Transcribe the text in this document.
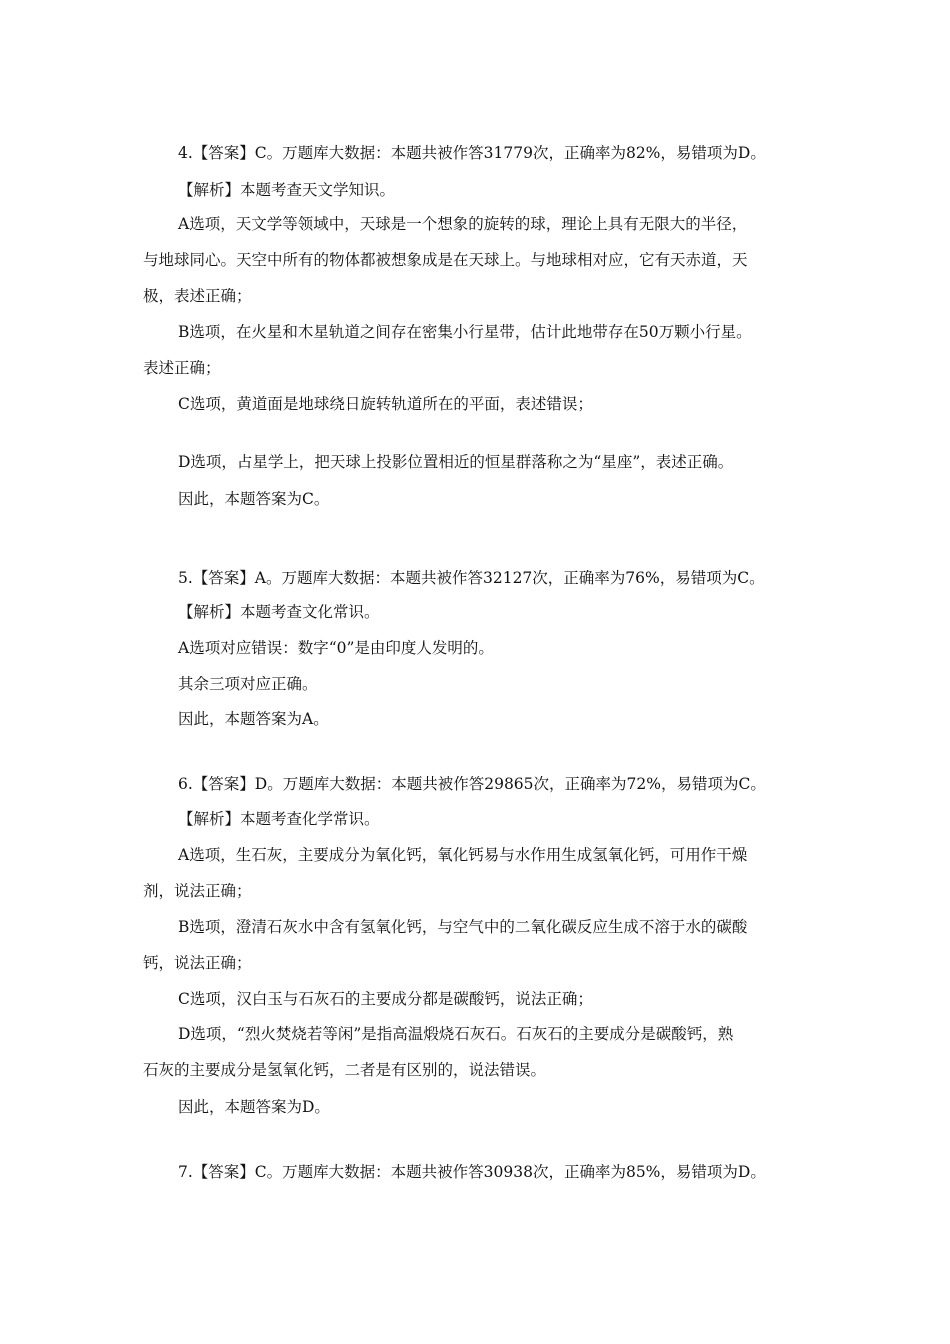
4.【答案】C。万题库大数据：本题共被作答31779次，正确率为82%，易错项为D。
【解析】本题考查天文学知识。
A选项，天文学等领域中，天球是一个想象的旋转的球，理论上具有无限大的半径，
与地球同心。天空中所有的物体都被想象成是在天球上。与地球相对应，它有天赤道，天
极，表述正确；
B选项，在火星和木星轨道之间存在密集小行星带，估计此地带存在50万颗小行星。
表述正确；
C选项，黄道面是地球绕日旋转轨道所在的平面，表述错误；
D选项，占星学上，把天球上投影位置相近的恒星群落称之为“星座”，表述正确。
因此，本题答案为C。
5.【答案】A。万题库大数据：本题共被作答32127次，正确率为76%，易错项为C。
【解析】本题考查文化常识。
A选项对应错误：数字“0”是由印度人发明的。
其余三项对应正确。
因此，本题答案为A。
6.【答案】D。万题库大数据：本题共被作答29865次，正确率为72%，易错项为C。
【解析】本题考查化学常识。
A选项，生石灰，主要成分为氧化钙，氧化钙易与水作用生成氢氧化钙，可用作干燥
剂，说法正确；
B选项，澄清石灰水中含有氢氧化钙，与空气中的二氧化碳反应生成不溶于水的碳酸
钙，说法正确；
C选项，汉白玉与石灰石的主要成分都是碳酸钙，说法正确；
D选项，“烈火焚烧若等闲”是指高温煅烧石灰石。石灰石的主要成分是碳酸钙，熟
石灰的主要成分是氢氧化钙，二者是有区别的，说法错误。
因此，本题答案为D。
7.【答案】C。万题库大数据：本题共被作答30938次，正确率为85%，易错项为D。
